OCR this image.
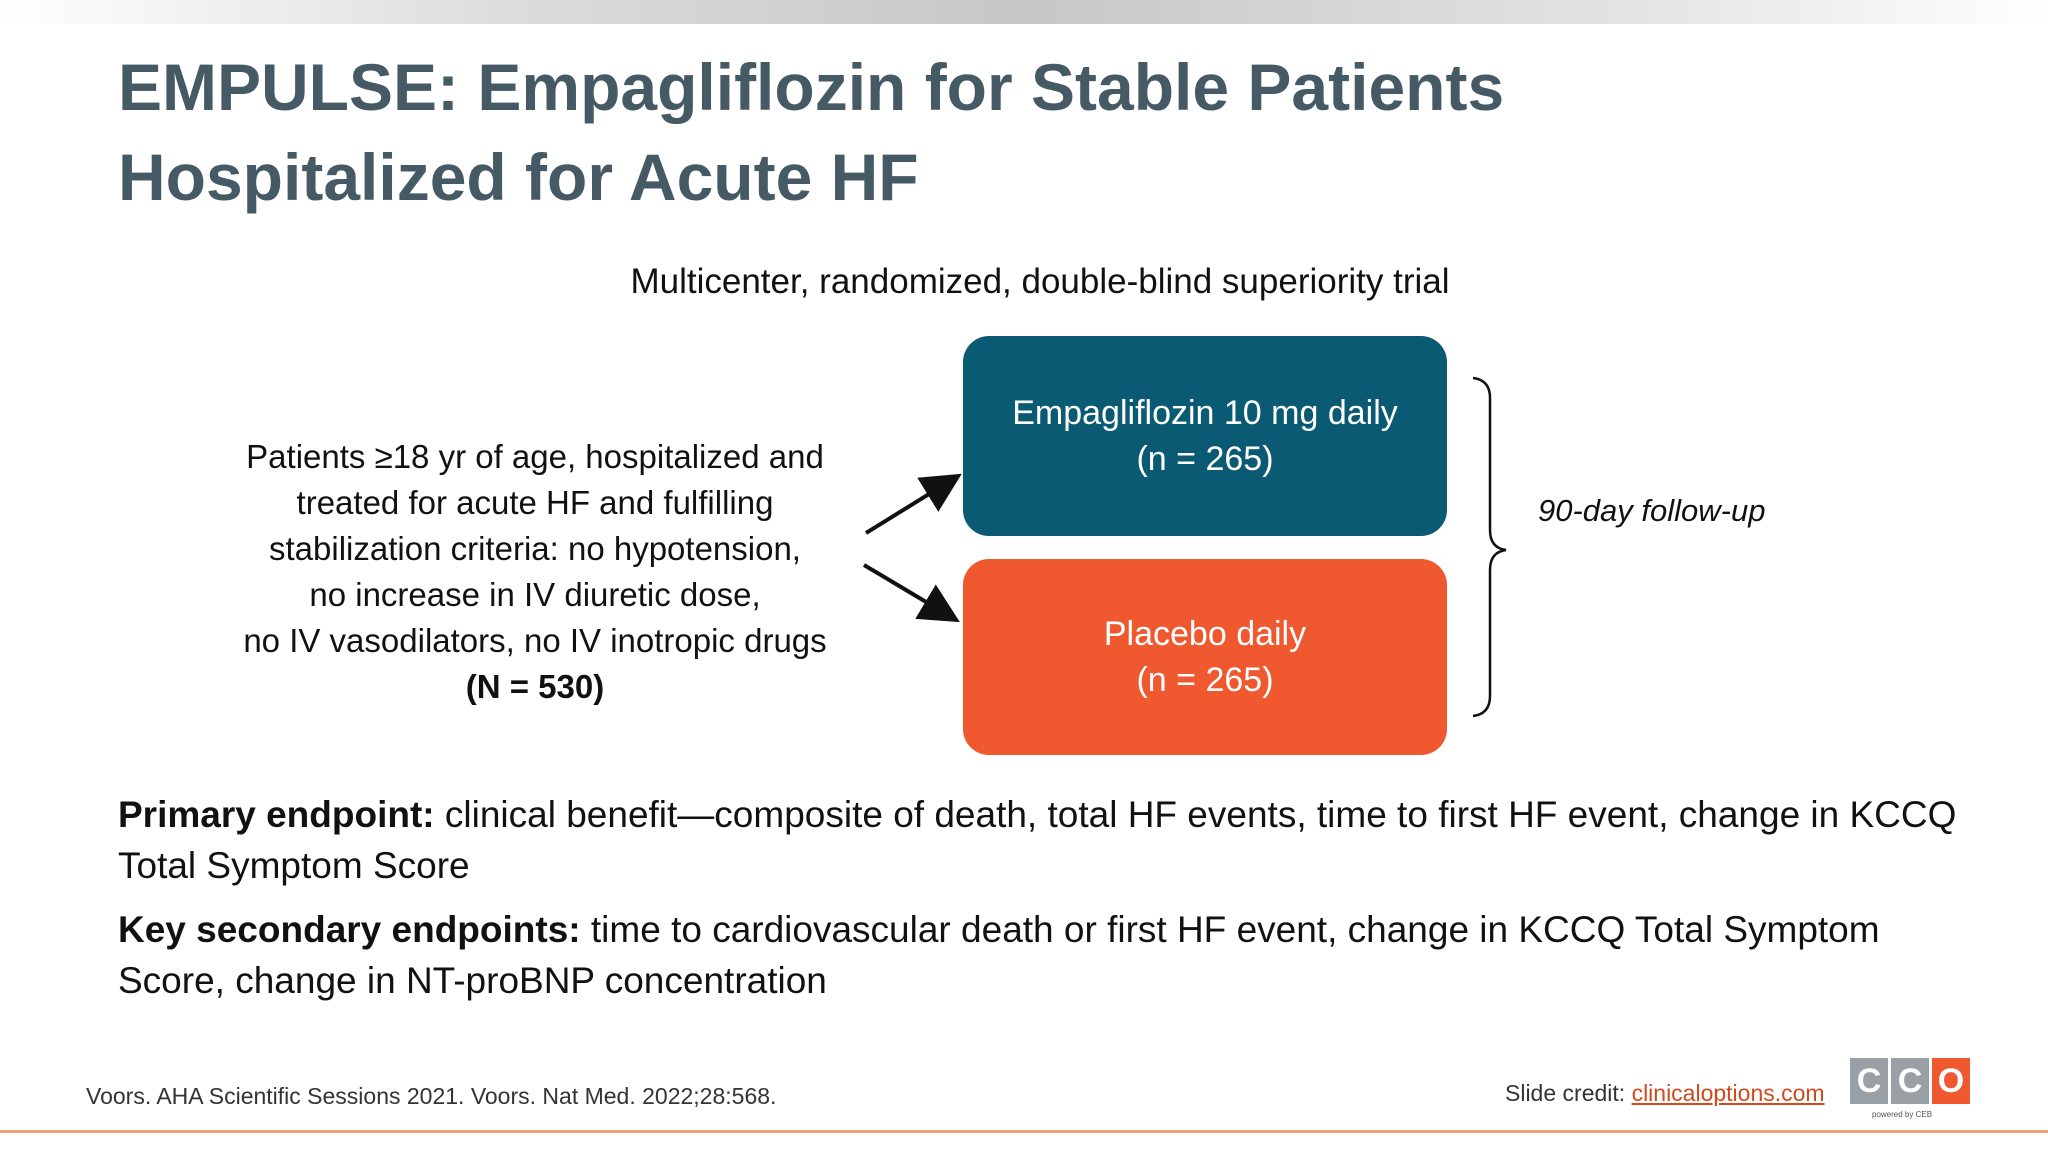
EMPULSE: Empagliflozin for Stable Patients
Hospitalized for Acute HF
Multicenter, randomized, double-blind superiority trial
Patients ≥18 yr of age, hospitalized and
treated for acute HF and fulfilling
stabilization criteria: no hypotension,
no increase in IV diuretic dose,
no IV vasodilators, no IV inotropic drugs
(N = 530)
Empagliflozin 10 mg daily
(n = 265)
Placebo daily
(n = 265)
90-day follow-up
Primary endpoint: clinical benefit—composite of death, total HF events, time to first HF event, change in KCCQ Total Symptom Score
Key secondary endpoints: time to cardiovascular death or first HF event, change in KCCQ Total Symptom Score, change in NT-proBNP concentration
Voors. AHA Scientific Sessions 2021. Voors. Nat Med. 2022;28:568.	Slide credit: clinicaloptions.com C C O
powered by CEB
